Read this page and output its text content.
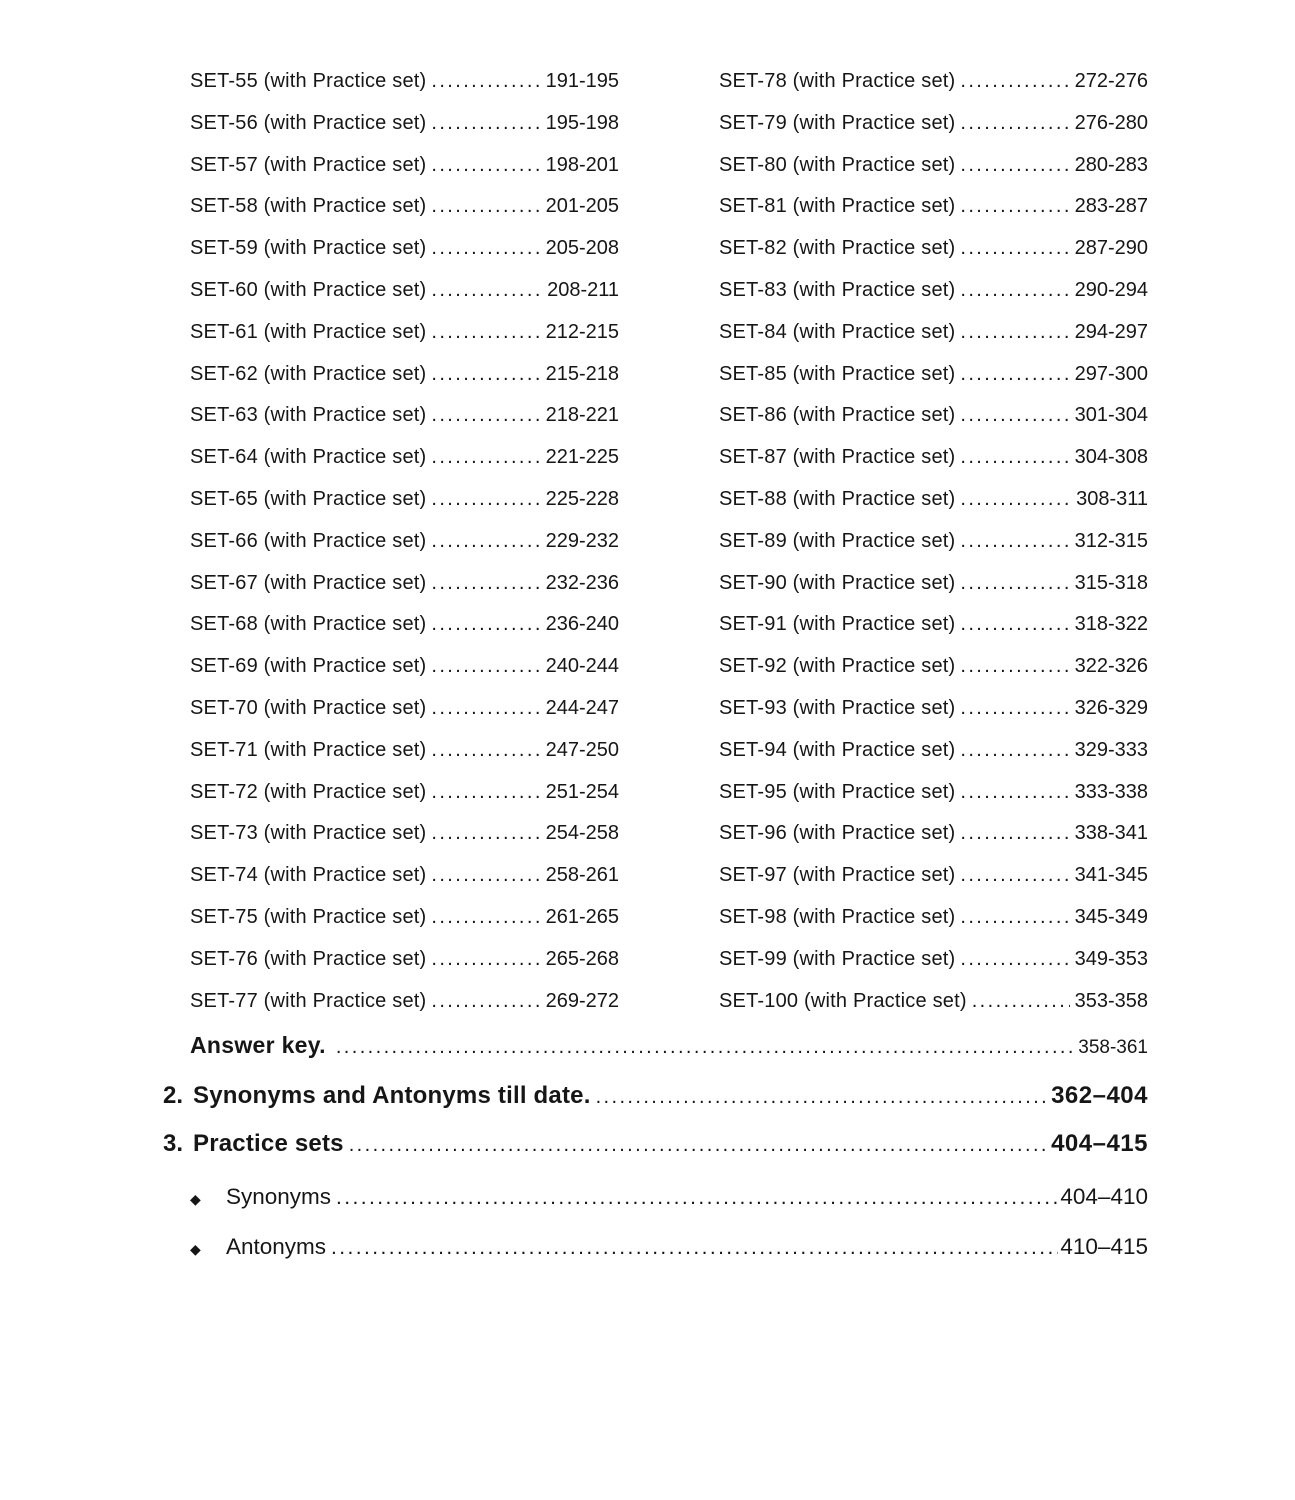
SET-55 (with Practice set) .....	191-195
SET-56 (with Practice set) .....	195-198
SET-57 (with Practice set) .....	198-201
SET-58 (with Practice set) .....	201-205
SET-59 (with Practice set) .....	205-208
SET-60 (with Practice set) .....	208-211
SET-61 (with Practice set) .....	212-215
SET-62 (with Practice set) .....	215-218
SET-63 (with Practice set) .....	218-221
SET-64 (with Practice set) .....	221-225
SET-65 (with Practice set) .....	225-228
SET-66 (with Practice set) .....	229-232
SET-67 (with Practice set) .....	232-236
SET-68 (with Practice set) .....	236-240
SET-69 (with Practice set) .....	240-244
SET-70 (with Practice set) .....	244-247
SET-71 (with Practice set) .....	247-250
SET-72 (with Practice set) .....	251-254
SET-73 (with Practice set) .....	254-258
SET-74 (with Practice set) .....	258-261
SET-75 (with Practice set) .....	261-265
SET-76 (with Practice set) .....	265-268
SET-77 (with Practice set) .....	269-272
SET-78 (with Practice set) .....	272-276
SET-79 (with Practice set) .....	276-280
SET-80 (with Practice set) .....	280-283
SET-81 (with Practice set) .....	283-287
SET-82 (with Practice set) .....	287-290
SET-83 (with Practice set) .....	290-294
SET-84 (with Practice set) .....	294-297
SET-85 (with Practice set) .....	297-300
SET-86 (with Practice set) .....	301-304
SET-87 (with Practice set) .....	304-308
SET-88 (with Practice set) .....	308-311
SET-89 (with Practice set) .....	312-315
SET-90 (with Practice set) .....	315-318
SET-91 (with Practice set) .....	318-322
SET-92 (with Practice set) .....	322-326
SET-93 (with Practice set) .....	326-329
SET-94 (with Practice set) .....	329-333
SET-95 (with Practice set) .....	333-338
SET-96 (with Practice set) .....	338-341
SET-97 (with Practice set) .....	341-345
SET-98 (with Practice set) .....	345-349
SET-99 (with Practice set) .....	349-353
SET-100 (with Practice set) .....	353-358
Answer key. .....	358-361
2. Synonyms and Antonyms till date. .....	362–404
3. Practice sets .....	404–415
◆	Synonyms .....	404–410
◆	Antonyms .....	410–415
